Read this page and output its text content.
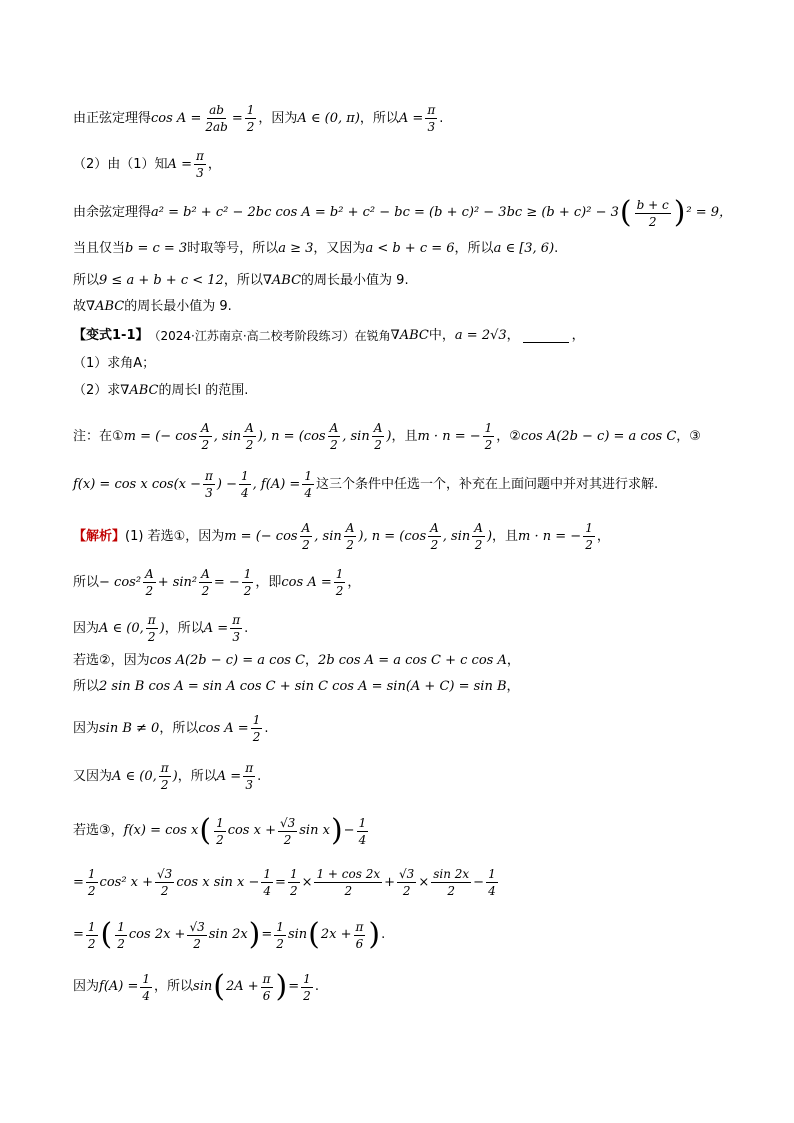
由正弦定理得 $\cos A = \frac{ab}{2ab} = \frac{1}{2}$ ，因为 A ∈ (0, π) ，所以 $A = \frac{\pi}{3}$ .
（2）由（1）知 $A = \frac{\pi}{3}$ ，
由余弦定理得 a² = b² + c² − 2bc cos A = b² + c² − bc = (b + c)² − 3bc ≥ (b + c)² − 3 ( $\frac{b + c}{2}$ ) ² = 9，
当且仅当 b = c = 3 时取等号，所以 a ≥ 3 ，又因为 a < b + c = 6 ，所以 a ∈ [3, 6) .
所以 9 ≤ a + b + c < 12 ，所以 ∇ABC 的周长最小值为 9.
故 ∇ABC 的周长最小值为 9.
【变式1-1】 （2024·江苏南京·高二校考阶段练习）在锐角 ∇ABC 中， a = 2√3 ，	，
（1）求角A；
（2）求 ∇ABC 的周长l 的范围.
注：在① m = (− $\cos \frac{A}{2}$ , $\sin \frac{A}{2}$ ), $n = (\cos \frac{A}{2}$ , $\sin \frac{A}{2}$ ) ，且 m · n = − $\frac{1}{2}$ ，② cos A(2b − c) = a cos C ，③
f(x) = cos x $\cos(x - \frac{\pi}{3}$ ) − $\frac{1}{4}$ , $f(A) = \frac{1}{4}$ 这三个条件中任选一个，补充在上面问题中并对其进行求解.
【解析】 (1) 若选①，因为 m = (− $\cos \frac{A}{2}$ , $\sin \frac{A}{2}$ ), $n = (\cos \frac{A}{2}$ , $\sin \frac{A}{2}$ ) ，且 m · n = − $\frac{1}{2}$ ，
所以 − $\cos^2 \frac{A}{2} + \sin^2 \frac{A}{2}$ = − $\frac{1}{2}$ ，即 $\cos A = \frac{1}{2}$ ，
因为 A ∈ (0, $\frac{\pi}{2}$ ) ，所以 $A = \frac{\pi}{3}$ .
若选②，因为 cos A(2b − c) = a cos C ， 2b cos A = a cos C + c cos A ，
所以 2 sin B cos A = sin A cos C + sin C cos A = sin(A + C) = sin B ，
因为 sin B ≠ 0 ，所以 $\cos A = \frac{1}{2}$ .
又因为 A ∈ (0, $\frac{\pi}{2}$ ) ，所以 $A = \frac{\pi}{3}$ .
若选③， f(x) = cos x ( $\frac{1}{2}$ $\cos x + \frac{√3}{2}$ sin x ) − $\frac{1}{4}$
= $\frac{1}{2} \cos^2$ $x + \frac{√3}{2}$ cos x $\sin x - \frac{1}{4} = \frac{1}{2} \times \frac{1 + \cos 2x}{2} + \frac{√3}{2} \times \frac{\sin 2x}{2} - \frac{1}{4}$
= $\frac{1}{2}$ ( $\frac{1}{2}$ $\cos 2x + \frac{√3}{2}$ sin 2x ) = $\frac{1}{2}$ sin ( $2x + \frac{\pi}{6}$ ) .
因为 $f(A) = \frac{1}{4}$ ，所以 sin ( $2A + \frac{\pi}{6}$ ) = $\frac{1}{2}$ .
